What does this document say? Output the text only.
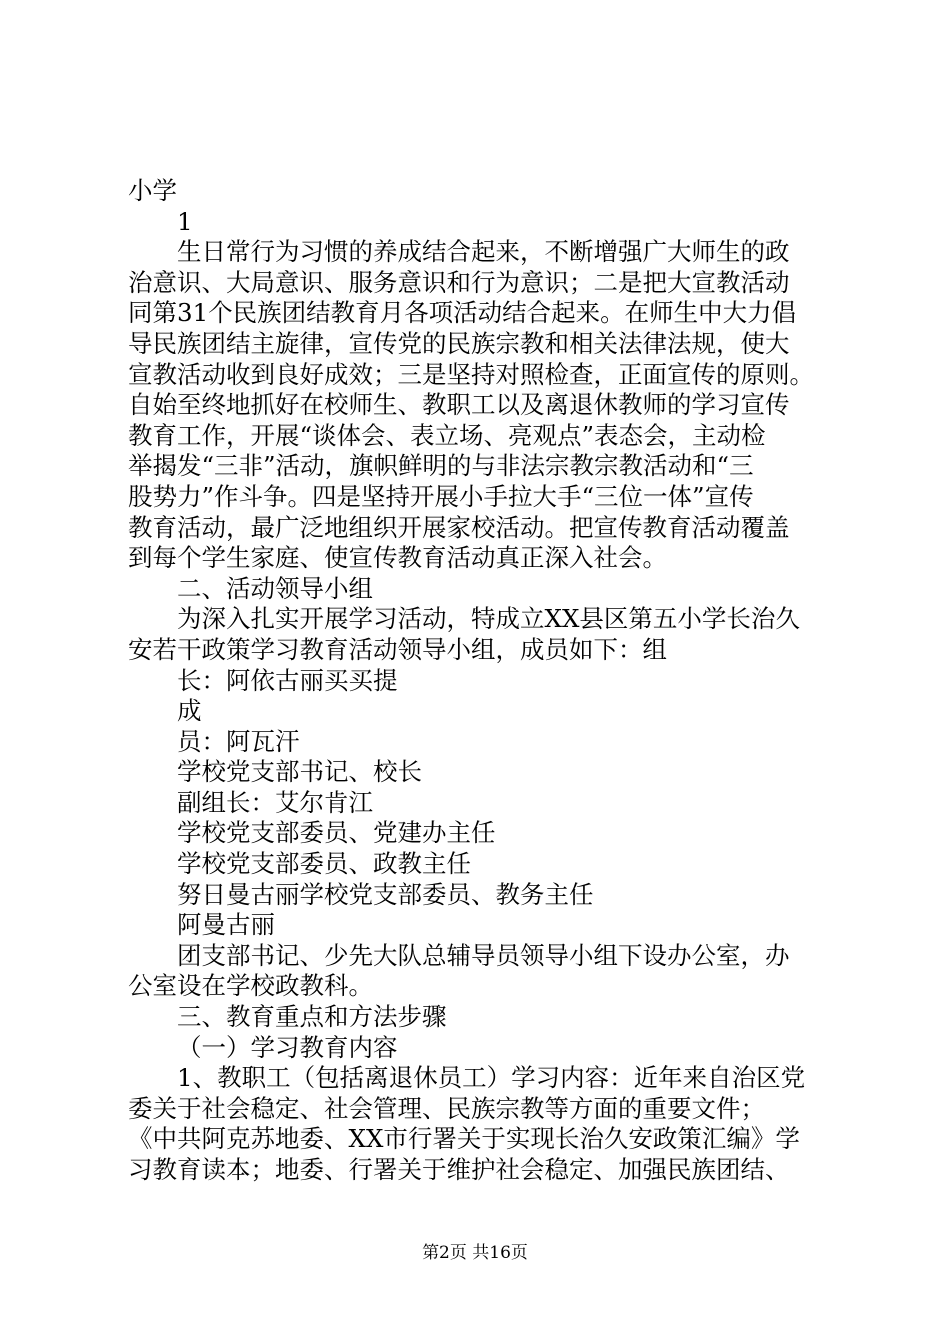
小学
1
生日常行为习惯的养成结合起来，不断增强广大师生的政
治意识、大局意识、服务意识和行为意识；二是把大宣教活动
同第31个民族团结教育月各项活动结合起来。在师生中大力倡
导民族团结主旋律，宣传党的民族宗教和相关法律法规，使大
宣教活动收到良好成效；三是坚持对照检查，正面宣传的原则。
自始至终地抓好在校师生、教职工以及离退休教师的学习宣传
教育工作，开展“谈体会、表立场、亮观点”表态会，主动检
举揭发“三非”活动，旗帜鲜明的与非法宗教宗教活动和“三
股势力”作斗争。四是坚持开展小手拉大手“三位一体”宣传
教育活动，最广泛地组织开展家校活动。把宣传教育活动覆盖
到每个学生家庭、使宣传教育活动真正深入社会。
二、活动领导小组
为深入扎实开展学习活动，特成立XX县区第五小学长治久
安若干政策学习教育活动领导小组，成员如下：组
长：阿依古丽买买提
成
员：阿瓦汗
学校党支部书记、校长
副组长：艾尔肯江
学校党支部委员、党建办主任
学校党支部委员、政教主任
努日曼古丽学校党支部委员、教务主任
阿曼古丽
团支部书记、少先大队总辅导员领导小组下设办公室，办
公室设在学校政教科。
三、教育重点和方法步骤
（一）学习教育内容
1、教职工（包括离退休员工）学习内容：近年来自治区党
委关于社会稳定、社会管理、民族宗教等方面的重要文件；
《中共阿克苏地委、XX市行署关于实现长治久安政策汇编》学
习教育读本；地委、行署关于维护社会稳定、加强民族团结、
第2页 共16页
